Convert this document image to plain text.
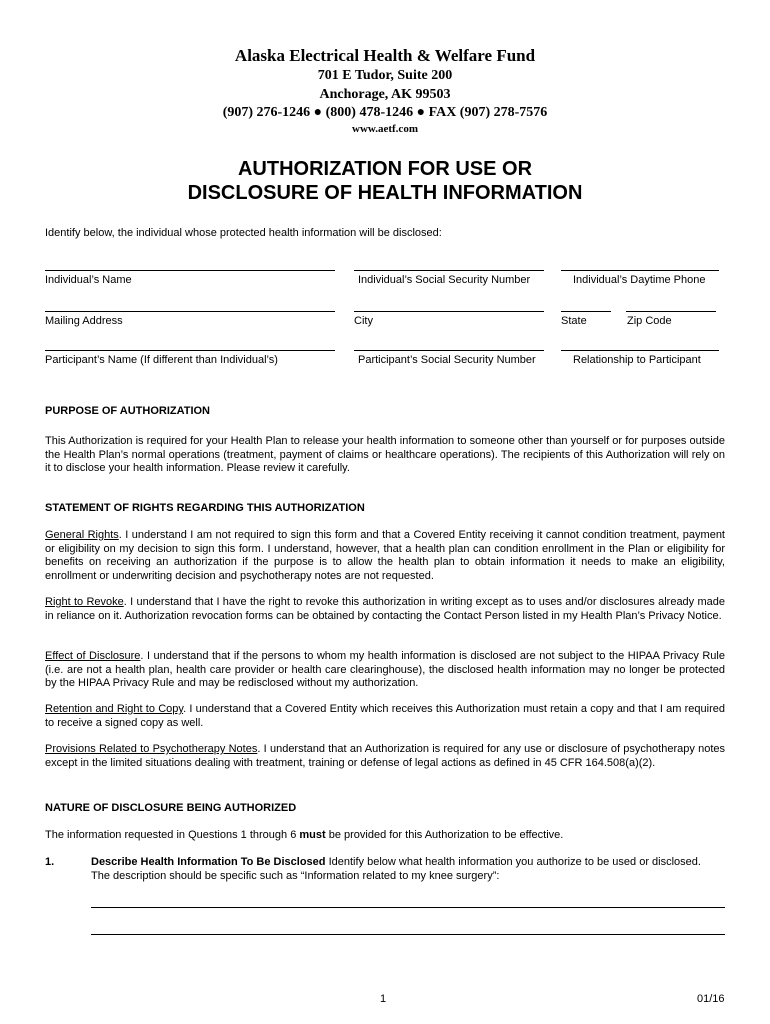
Alaska Electrical Health & Welfare Fund
701 E Tudor, Suite 200
Anchorage, AK 99503
(907) 276-1246 ● (800) 478-1246 ● FAX (907) 278-7576
www.aetf.com
AUTHORIZATION FOR USE OR
DISCLOSURE OF HEALTH INFORMATION
Identify below, the individual whose protected health information will be disclosed:
Individual’s Name	Individual’s Social Security Number	Individual’s Daytime Phone
Mailing Address	City	State	Zip Code
Participant’s Name (If different than Individual’s)	Participant’s Social Security Number	Relationship to Participant
PURPOSE OF AUTHORIZATION
This Authorization is required for your Health Plan to release your health information to someone other than yourself or for purposes outside the Health Plan’s normal operations (treatment, payment of claims or healthcare operations). The recipients of this Authorization will rely on it to disclose your health information. Please review it carefully.
STATEMENT OF RIGHTS REGARDING THIS AUTHORIZATION
General Rights. I understand I am not required to sign this form and that a Covered Entity receiving it cannot condition treatment, payment or eligibility on my decision to sign this form. I understand, however, that a health plan can condition enrollment in the Plan or eligibility for benefits on receiving an authorization if the purpose is to allow the health plan to obtain information it needs to make an eligibility, enrollment or underwriting decision and psychotherapy notes are not requested.
Right to Revoke. I understand that I have the right to revoke this authorization in writing except as to uses and/or disclosures already made in reliance on it. Authorization revocation forms can be obtained by contacting the Contact Person listed in my Health Plan’s Privacy Notice.
Effect of Disclosure. I understand that if the persons to whom my health information is disclosed are not subject to the HIPAA Privacy Rule (i.e. are not a health plan, health care provider or health care clearinghouse), the disclosed health information may no longer be protected by the HIPAA Privacy Rule and may be redisclosed without my authorization.
Retention and Right to Copy. I understand that a Covered Entity which receives this Authorization must retain a copy and that I am required to receive a signed copy as well.
Provisions Related to Psychotherapy Notes. I understand that an Authorization is required for any use or disclosure of psychotherapy notes except in the limited situations dealing with treatment, training or defense of legal actions as defined in 45 CFR 164.508(a)(2).
NATURE OF DISCLOSURE BEING AUTHORIZED
The information requested in Questions 1 through 6 must be provided for this Authorization to be effective.
1.	Describe Health Information To Be Disclosed Identify below what health information you authorize to be used or disclosed.
The description should be specific such as “Information related to my knee surgery”:
1	01/16
